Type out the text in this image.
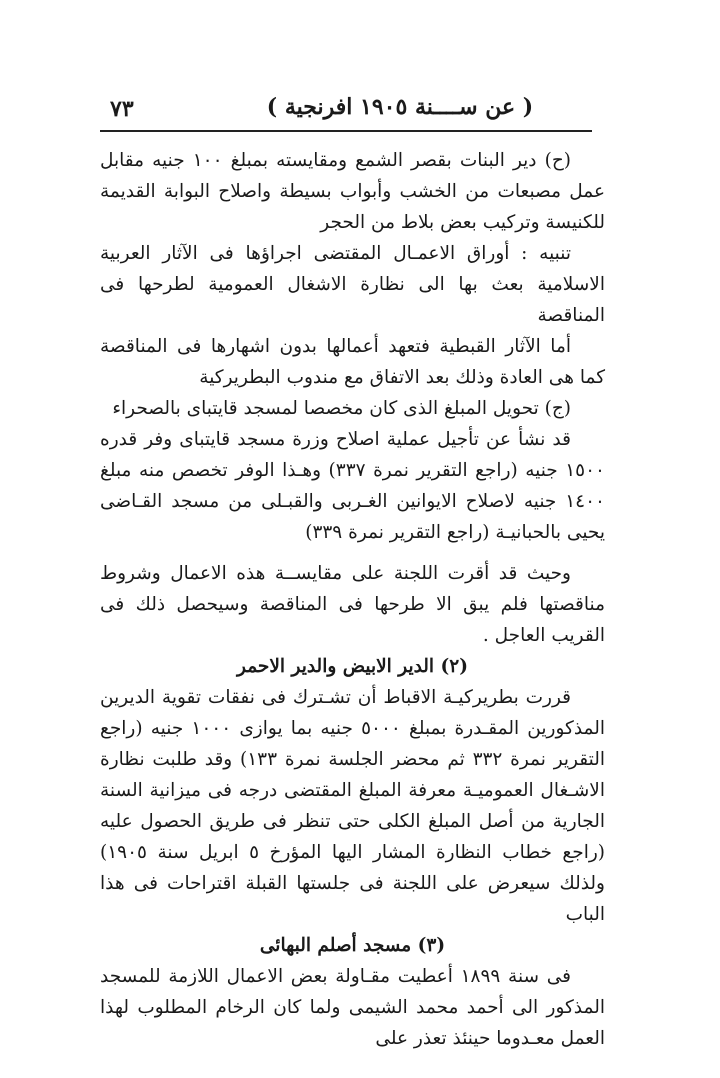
٧٣	( عن ســــنة ١٩٠٥ افرنجية )

(ح) دير البنات بقصر الشمع ومقايسته بمبلغ ١٠٠ جنيه مقابل عمل مصبعات من الخشب وأبواب بسيطة واصلاح البوابة القديمة للكنيسة وتركيب بعض بلاط من الحجر

تنبيه : أوراق الاعمـال المقتضى اجراؤها فى الآثار العربية الاسلامية بعث بها الى نظارة الاشغال العمومية لطرحها فى المناقصة

أما الآثار القبطية فتعهد أعمالها بدون اشهارها فى المناقصة كما هى العادة وذلك بعد الاتفاق مع مندوب البطريركية

(ج) تحويل المبلغ الذى كان مخصصا لمسجد قايتباى بالصحراء

قد نشأ عن تأجيل عملية اصلاح وزرة مسجد قايتباى وفر قدره ١٥٠٠ جنيه (راجع التقرير نمرة ٣٣٧) وهـذا الوفر تخصص منه مبلغ ١٤٠٠ جنيه لاصلاح الايوانين الغـربى والقبـلى من مسجد القـاضى يحيى بالحبانيـة (راجع التقرير نمرة ٣٣٩)

وحيث قد أقرت اللجنة على مقايســة هذه الاعمال وشروط مناقصتها فلم يبق الا طرحها فى المناقصة وسيحصل ذلك فى القريب العاجل .

(٢) الدير الابيض والدير الاحمر

قررت بطريركيـة الاقباط أن تشـترك فى نفقات تقوية الديرين المذكورين المقـدرة بمبلغ ٥٠٠٠ جنيه بما يوازى ١٠٠٠ جنيه (راجع التقرير نمرة ٣٣٢ ثم محضر الجلسة نمرة ١٣٣) وقد طلبت نظارة الاشـغال العموميـة معرفة المبلغ المقتضى درجه فى ميزانية السنة الجارية من أصل المبلغ الكلى حتى تنظر فى طريق الحصول عليه (راجع خطاب النظارة المشار اليها المؤرخ ٥ ابريل سنة ١٩٠٥) ولذلك سيعرض على اللجنة فى جلستها القبلة اقتراحات فى هذا الباب

(٣) مسجد أصلم البهائى

فى سنة ١٨٩٩ أعطيت مقـاولة بعض الاعمال اللازمة للمسجد المذكور الى أحمد محمد الشيمى ولما كان الرخام المطلوب لهذا العمل معـدوما حينئذ تعذر على
